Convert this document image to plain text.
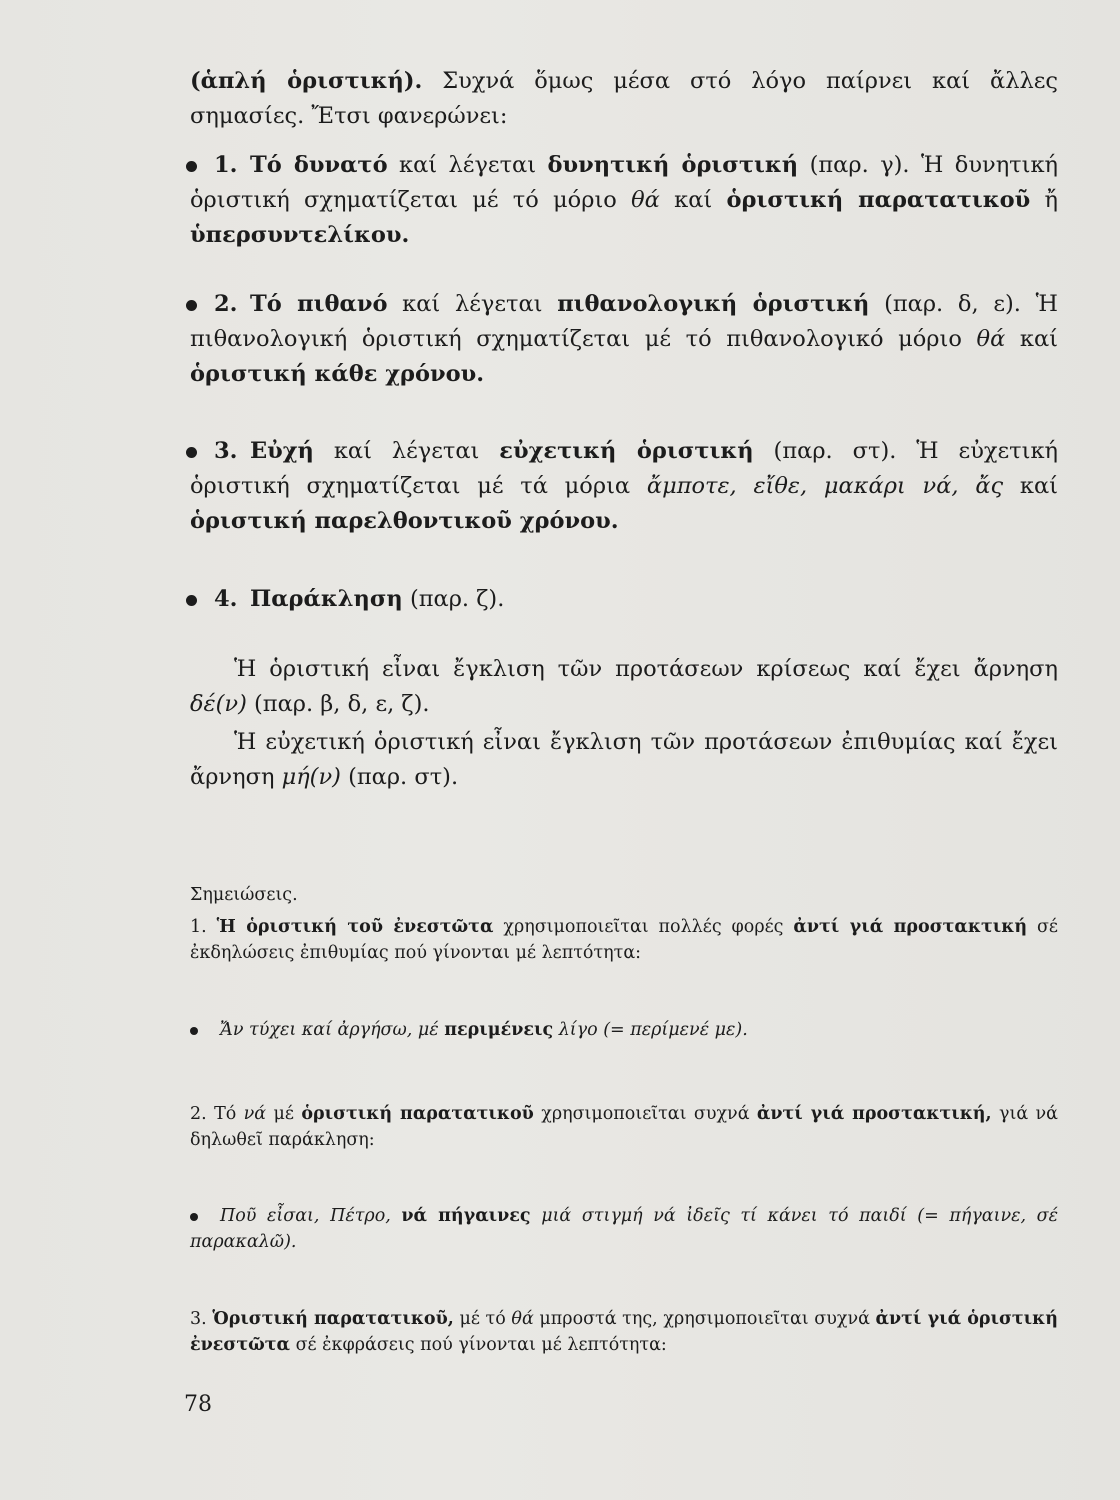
(ἁπλή ὁριστική). Συχνά ὅμως μέσα στό λόγο παίρνει καί ἄλλες σημασίες. Ἔτσι φανερώνει:
1. Τό δυνατό καί λέγεται δυνητική ὁριστική (παρ. γ). Ἡ δυνητική ὁριστική σχηματίζεται μέ τό μόριο θά καί ὁριστική παρατατικοῦ ἤ ὑπερσυντελίκου.
2. Τό πιθανό καί λέγεται πιθανολογική ὁριστική (παρ. δ, ε). Ἡ πιθανολογική ὁριστική σχηματίζεται μέ τό πιθανολογικό μόριο θά καί ὁριστική κάθε χρόνου.
3. Εὐχή καί λέγεται εὐχετική ὁριστική (παρ. στ). Ἡ εὐχετική ὁριστική σχηματίζεται μέ τά μόρια ἄμποτε, εἴθε, μακάρι νά, ἄς καί ὁριστική παρελθοντικοῦ χρόνου.
4. Παράκληση (παρ. ζ).
Ἡ ὁριστική εἶναι ἔγκλιση τῶν προτάσεων κρίσεως καί ἔχει ἄρνηση δέ(ν) (παρ. β, δ, ε, ζ).
Ἡ εὐχετική ὁριστική εἶναι ἔγκλιση τῶν προτάσεων ἐπιθυμίας καί ἔχει ἄρνηση μή(ν) (παρ. στ).
Σημειώσεις.
1. Ἡ ὁριστική τοῦ ἐνεστῶτα χρησιμοποιεῖται πολλές φορές ἀντί γιά προστακτική σέ ἐκδηλώσεις ἐπιθυμίας πού γίνονται μέ λεπτότητα:
Ἄν τύχει καί ἀργήσω, μέ περιμένεις λίγο (= περίμενέ με).
2. Τό νά μέ ὁριστική παρατατικοῦ χρησιμοποιεῖται συχνά ἀντί γιά προστακτική, γιά νά δηλωθεῖ παράκληση:
Ποῦ εἶσαι, Πέτρο, νά πήγαινες μιά στιγμή νά ἰδεῖς τί κάνει τό παιδί (= πήγαινε, σέ παρακαλῶ).
3. Ὁριστική παρατατικοῦ, μέ τό θά μπροστά της, χρησιμοποιεῖται συχνά ἀντί γιά ὁριστική ἐνεστῶτα σέ ἐκφράσεις πού γίνονται μέ λεπτότητα:
78
